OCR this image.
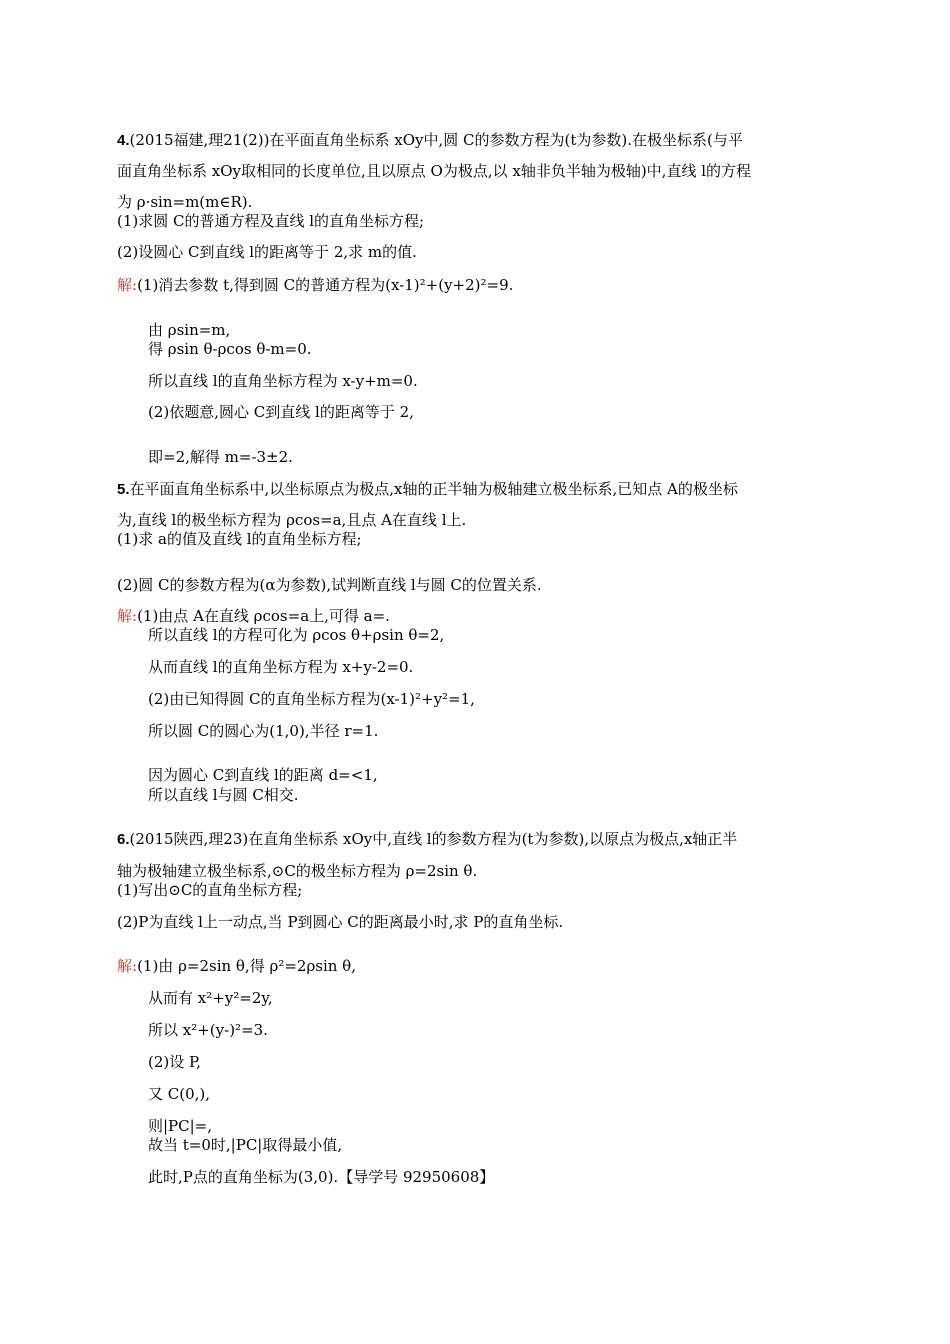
4.(2015福建,理21(2))在平面直角坐标系 xOy中,圆 C的参数方程为(t为参数).在极坐标系(与平
面直角坐标系 xOy取相同的长度单位,且以原点 O为极点,以 x轴非负半轴为极轴)中,直线 l的方程
为 ρ·sin=m(m∈R).
(1)求圆 C的普通方程及直线 l的直角坐标方程;
(2)设圆心 C到直线 l的距离等于 2,求 m的值.
解:(1)消去参数 t,得到圆 C的普通方程为(x-1)²+(y+2)²=9.
由 ρsin=m,
得 ρsin θ-ρcos θ-m=0.
所以直线 l的直角坐标方程为 x-y+m=0.
(2)依题意,圆心 C到直线 l的距离等于 2,
即=2,解得 m=-3±2.
5.在平面直角坐标系中,以坐标原点为极点,x轴的正半轴为极轴建立极坐标系,已知点 A的极坐标
为,直线 l的极坐标方程为 ρcos=a,且点 A在直线 l上.
(1)求 a的值及直线 l的直角坐标方程;
(2)圆 C的参数方程为(α为参数),试判断直线 l与圆 C的位置关系.
解:(1)由点 A在直线 ρcos=a上,可得 a=.
所以直线 l的方程可化为 ρcos θ+ρsin θ=2,
从而直线 l的直角坐标方程为 x+y-2=0.
(2)由已知得圆 C的直角坐标方程为(x-1)²+y²=1,
所以圆 C的圆心为(1,0),半径 r=1.
因为圆心 C到直线 l的距离 d=<1,
所以直线 l与圆 C相交.
6.(2015陕西,理23)在直角坐标系 xOy中,直线 l的参数方程为(t为参数),以原点为极点,x轴正半
轴为极轴建立极坐标系,⊙C的极坐标方程为 ρ=2sin θ.
(1)写出⊙C的直角坐标方程;
(2)P为直线 l上一动点,当 P到圆心 C的距离最小时,求 P的直角坐标.
解:(1)由 ρ=2sin θ,得 ρ²=2ρsin θ,
从而有 x²+y²=2y,
所以 x²+(y-)²=3.
(2)设 P,
又 C(0,),
则|PC|=,
故当 t=0时,|PC|取得最小值,
此时,P点的直角坐标为(3,0).【导学号 92950608】
